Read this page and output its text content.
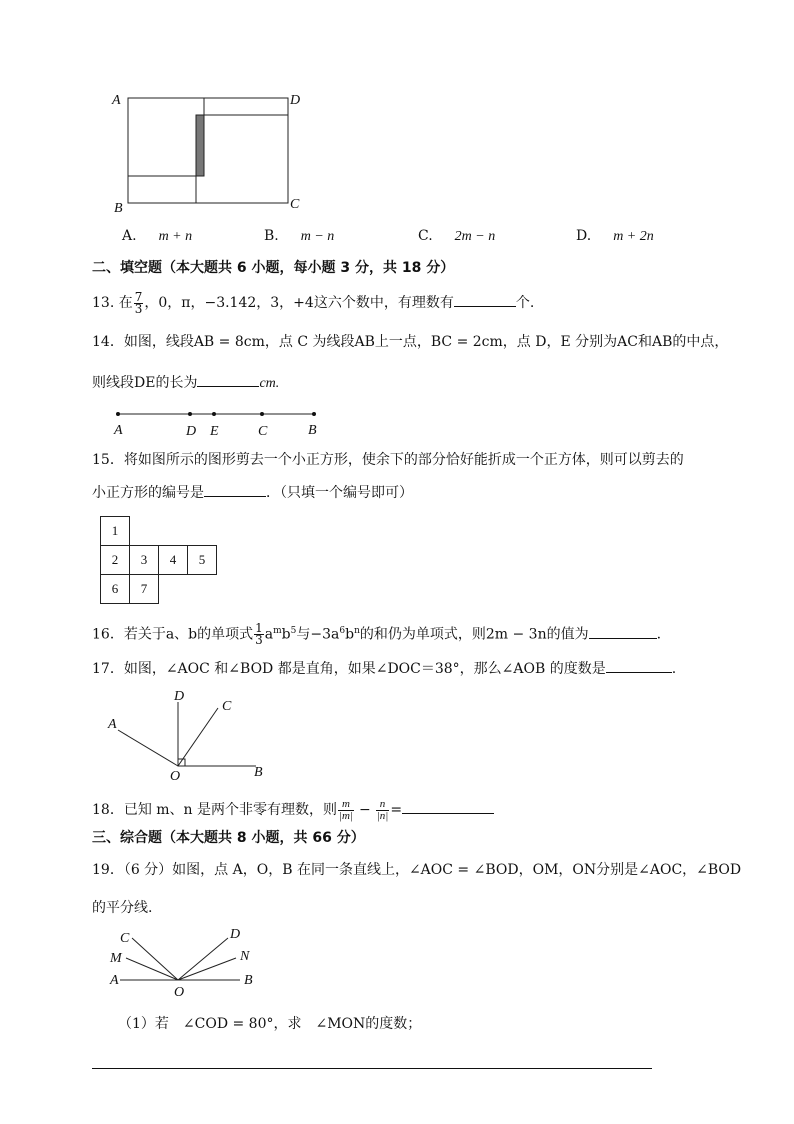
A	D
B	C
A. m + n	B. m − n	C. 2m − n	D. m + 2n
二、填空题（本大题共 6 小题，每小题 3 分，共 18 分）
13. 在 $\frac{7}{3}$ ，0，π，−3.142，3，+4这六个数中，有理数有	个.
14．如图，线段AB = 8cm，点 C 为线段AB上一点，BC = 2cm，点 D，E 分别为AC和AB的中点，
则线段DE的长为	cm.
A	D E	C	B
15．将如图所示的图形剪去一个小正方形，使余下的部分恰好能折成一个正方体，则可以剪去的
小正方形的编号是	．（只填一个编号即可）
1			
2	3	4	5
6	7		
16．若关于a、b的单项式 $\frac{1}{3} a^mb^5$与$-3a^6b^n$的和仍为单项式，则2m − 3n的值为	.
17．如图，∠AOC 和∠BOD 都是直角，如果∠DOC＝38°，那么∠AOB 的度数是	.
D
C
A
O	B
18．已知 m、n 是两个非零有理数，则 $\frac{m}{|m|} - \frac{n}{|n|}$ =
三、综合题（本大题共 8 小题，共 66 分）
19．（6 分）如图，点 A，O，B 在同一条直线上，∠AOC = ∠BOD，OM，ON分别是∠AOC，∠BOD
的平分线.
C
M
A
O
D
N
B
（1）若　∠COD = 80°，求　∠MON的度数；
